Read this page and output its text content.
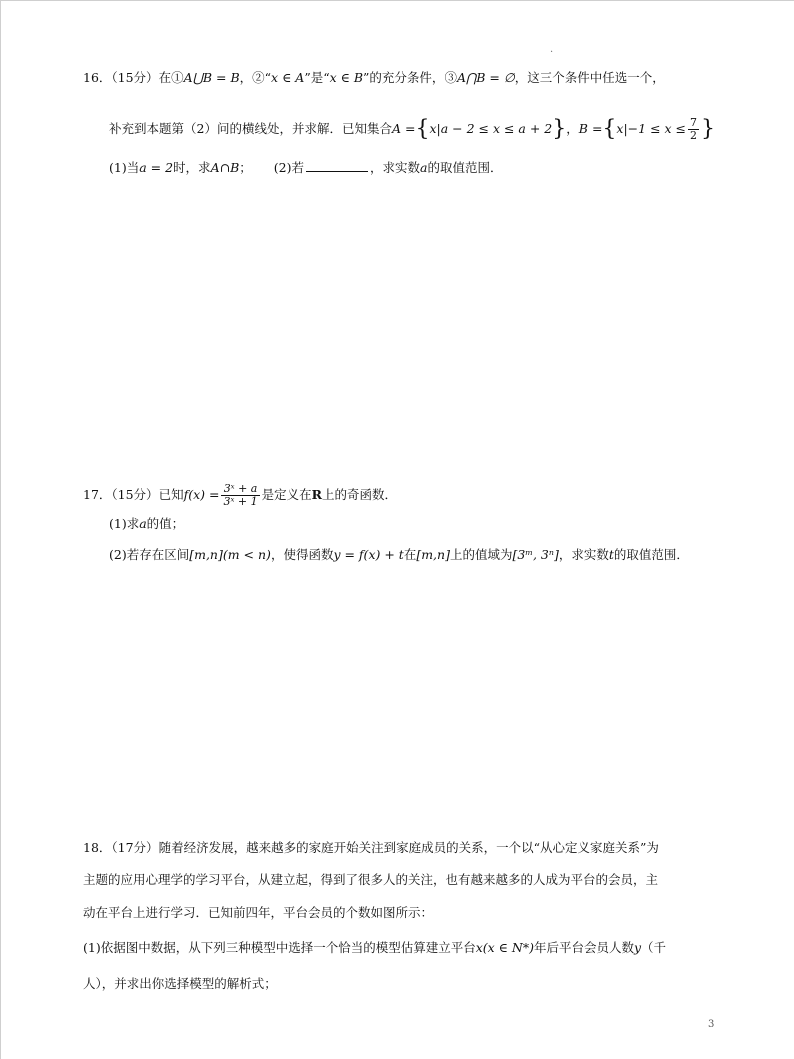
·
16．（15分）在①A⋃B = B，②“x ∈ A”是“x ∈ B”的充分条件，③A⋂B = ∅，这三个条件中任选一个，
补充到本题第（2）问的横线处，并求解．已知集合A ={x|a − 2 ≤ x ≤ a + 2}，$B =\{x|-1 \le x \le \frac{7}{2}$ }
(1)当a = 2时，求A∩B； (2)若	，求实数a的取值范围．
17．（15分）已知$f(x) = \frac{\text{3ˣ + a}}{\text{3ˣ + 1}}$ 是定义在R上的奇函数．
(1)求a的值；
(2)若存在区间[m,n](m < n)，使得函数y = f(x) + t在[m,n]上的值域为[3ᵐ, 3ⁿ]，求实数t的取值范围．
18．（17分）随着经济发展，越来越多的家庭开始关注到家庭成员的关系，一个以“从心定义家庭关系”为
主题的应用心理学的学习平台，从建立起，得到了很多人的关注，也有越来越多的人成为平台的会员，主
动在平台上进行学习．已知前四年，平台会员的个数如图所示：
(1)依据图中数据，从下列三种模型中选择一个恰当的模型估算建立平台x(x ∈ N*)年后平台会员人数y（千
人），并求出你选择模型的解析式；
3
